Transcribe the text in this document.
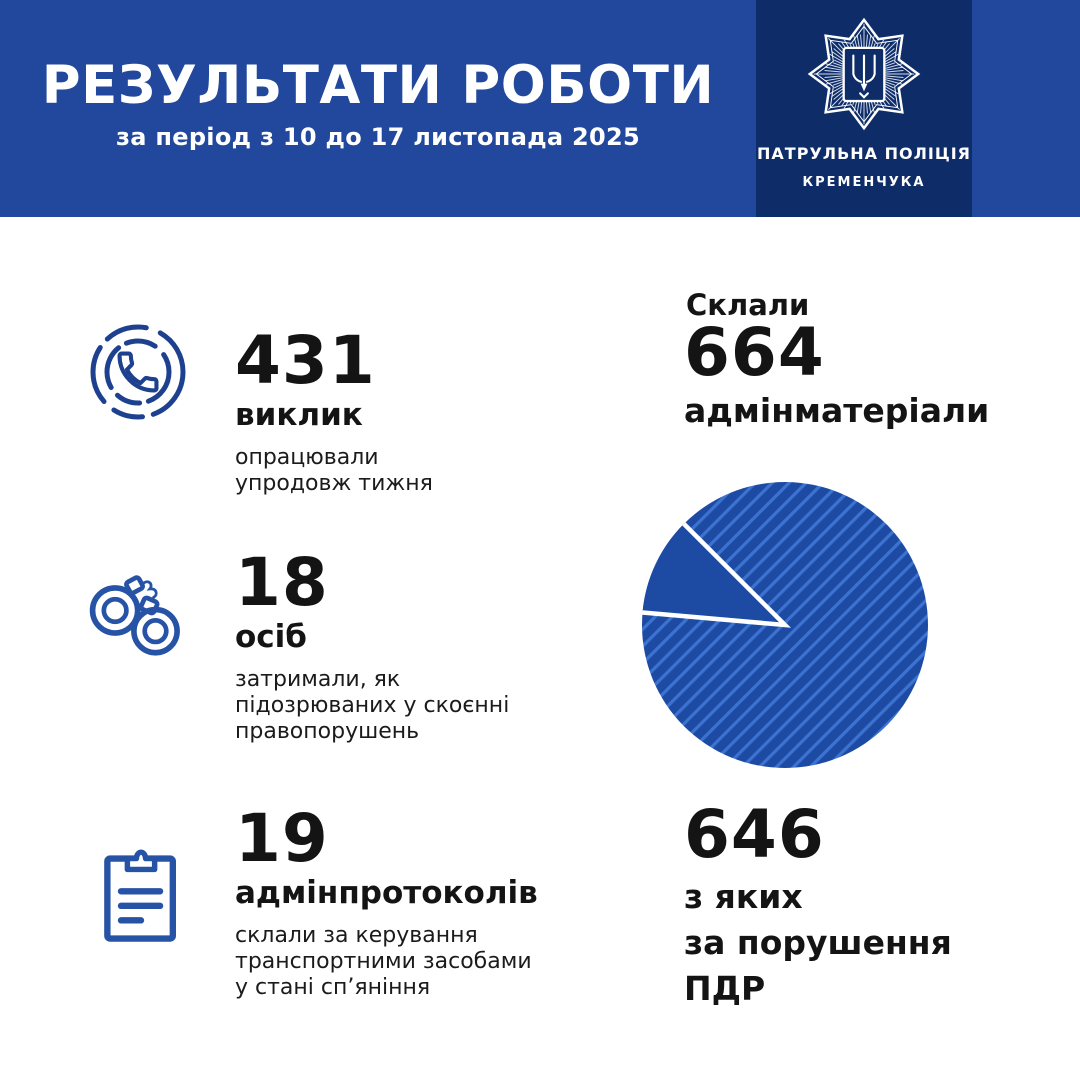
РЕЗУЛЬТАТИ РОБОТИ
за період з 10 до 17 листопада 2025
ПАТРУЛЬНА ПОЛІЦІЯ
КРЕМЕНЧУКА
431
виклик
опрацювали
упродовж тижня
18
осіб
затримали, як
підозрюваних у скоєнні
правопорушень
19
адмінпротоколів
склали за керування
транспортними засобами
у стані сп’яніння
Склали
664
адмінматеріали
646
з яких
за порушення
ПДР
